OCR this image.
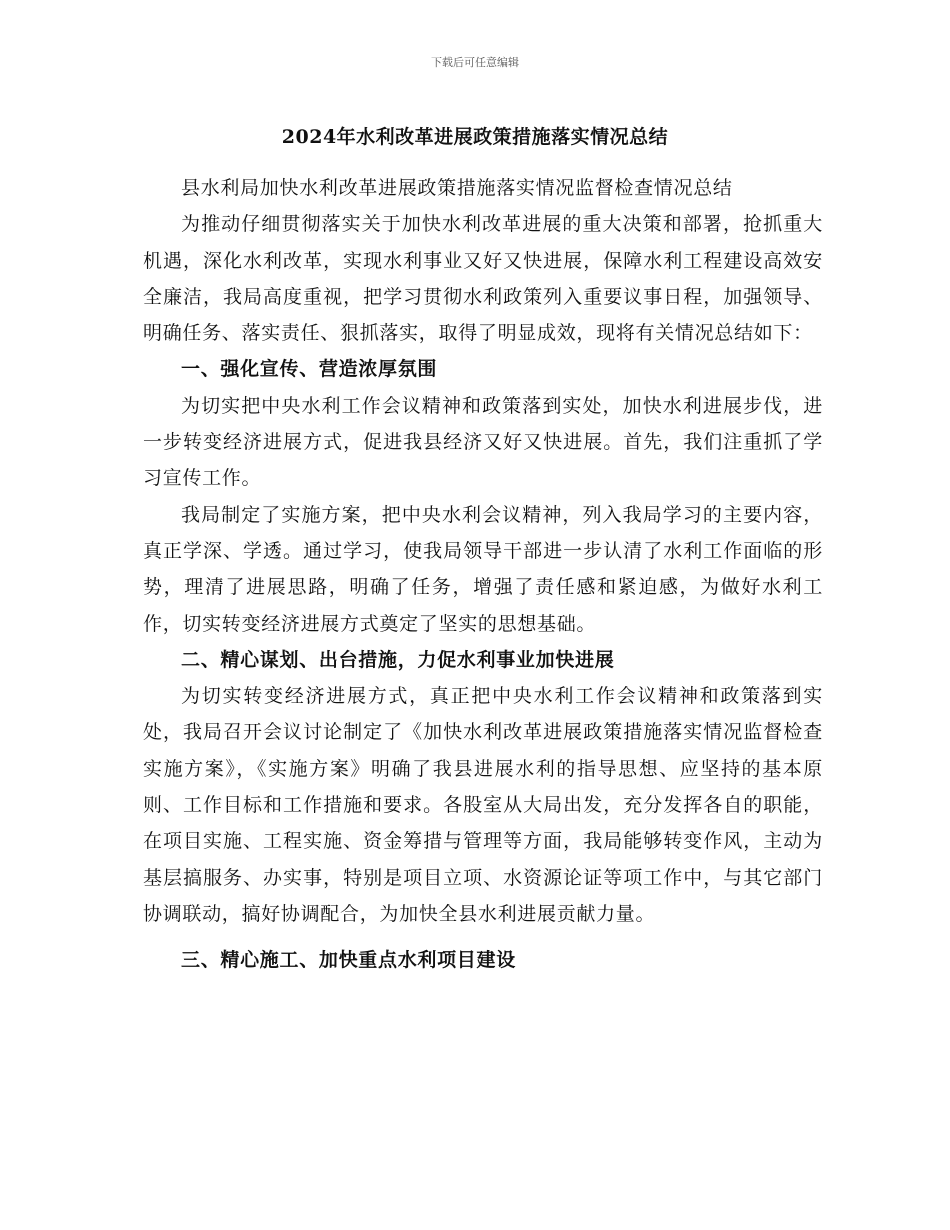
下载后可任意编辑
2024年水利改革进展政策措施落实情况总结

县水利局加快水利改革进展政策措施落实情况监督检查情况总结

为推动仔细贯彻落实关于加快水利改革进展的重大决策和部署，抢抓重大机遇，深化水利改革，实现水利事业又好又快进展，保障水利工程建设高效安全廉洁，我局高度重视，把学习贯彻水利政策列入重要议事日程，加强领导、明确任务、落实责任、狠抓落实，取得了明显成效，现将有关情况总结如下：

一、强化宣传、营造浓厚氛围

为切实把中央水利工作会议精神和政策落到实处，加快水利进展步伐，进一步转变经济进展方式，促进我县经济又好又快进展。首先，我们注重抓了学习宣传工作。

我局制定了实施方案，把中央水利会议精神，列入我局学习的主要内容，真正学深、学透。通过学习，使我局领导干部进一步认清了水利工作面临的形势，理清了进展思路，明确了任务，增强了责任感和紧迫感，为做好水利工作，切实转变经济进展方式奠定了坚实的思想基础。

二、精心谋划、出台措施，力促水利事业加快进展

为切实转变经济进展方式，真正把中央水利工作会议精神和政策落到实处，我局召开会议讨论制定了《加快水利改革进展政策措施落实情况监督检查实施方案》，《实施方案》明确了我县进展水利的指导思想、应坚持的基本原则、工作目标和工作措施和要求。各股室从大局出发，充分发挥各自的职能，在项目实施、工程实施、资金筹措与管理等方面，我局能够转变作风，主动为基层搞服务、办实事，特别是项目立项、水资源论证等项工作中，与其它部门协调联动，搞好协调配合，为加快全县水利进展贡献力量。

三、精心施工、加快重点水利项目建设
